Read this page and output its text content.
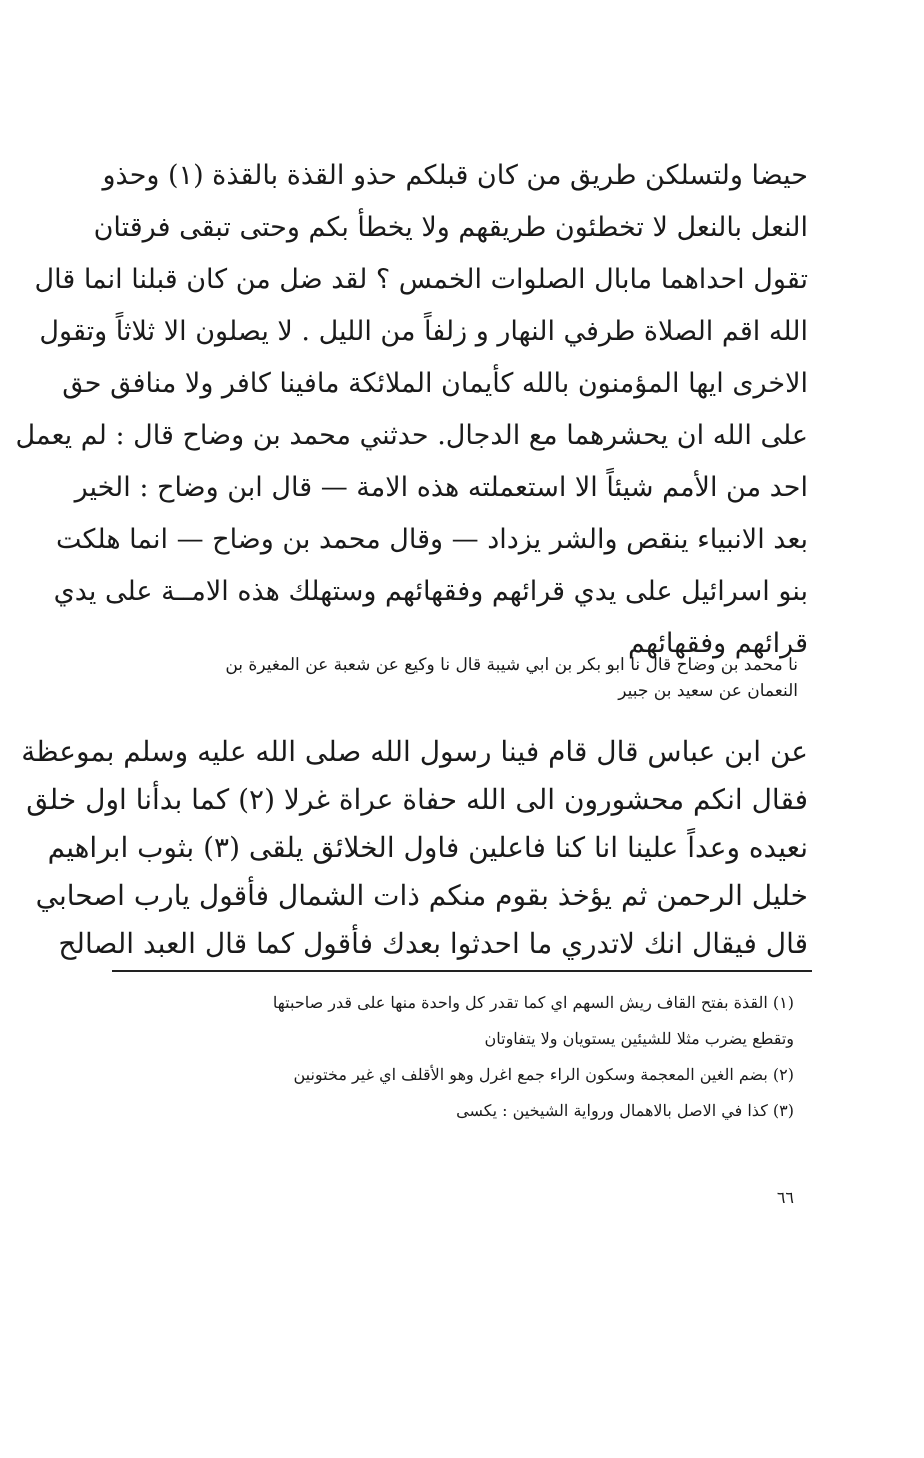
حيضا ولتسلكن طريق من كان قبلكم حذو القذة بالقذة (١) وحذو
النعل بالنعل لا تخطئون طريقهم ولا يخطأ بكم وحتى تبقى فرقتان
تقول احداهما مابال الصلوات الخمس ؟ لقد ضل من كان قبلنا انما قال
الله اقم الصلاة طرفي النهار و زلفاً من الليل . لا يصلون الا ثلاثاً وتقول
الاخرى ايها المؤمنون بالله كأيمان الملائكة مافينا كافر ولا منافق حق
على الله ان يحشرهما مع الدجال. حدثني محمد بن وضاح قال : لم يعمل
احد من الأمم شيئاً الا استعملته هذه الامة — قال ابن وضاح : الخير
بعد الانبياء ينقص والشر يزداد — وقال محمد بن وضاح — انما هلكت
بنو اسرائيل على يدي قرائهم وفقهائهم وستهلك هذه الامــة على يدي
قرائهم وفقهائهم
نا محمد بن وضاح قال نا ابو بكر بن ابي شيبة قال نا وكيع عن شعبة عن المغيرة بن
النعمان عن سعيد بن جبير
عن ابن عباس قال قام فينا رسول الله صلى الله عليه وسلم بموعظة
فقال انكم محشورون الى الله حفاة عراة غرلا (٢) كما بدأنا اول خلق
نعيده وعداً علينا انا كنا فاعلين فاول الخلائق يلقى (٣) بثوب ابراهيم
خليل الرحمن ثم يؤخذ بقوم منكم ذات الشمال فأقول يارب اصحابي
قال فيقال انك لاتدري ما احدثوا بعدك فأقول كما قال العبد الصالح
(١) القذة بفتح القاف ريش السهم اي كما تقدر كل واحدة منها على قدر صاحبتها
وتقطع يضرب مثلا للشيئين يستويان ولا يتفاوتان
(٢) بضم الغين المعجمة وسكون الراء جمع اغرل وهو الأقلف اي غير مختونين
(٣) كذا في الاصل بالاهمال ورواية الشيخين : يكسى
٦٦
